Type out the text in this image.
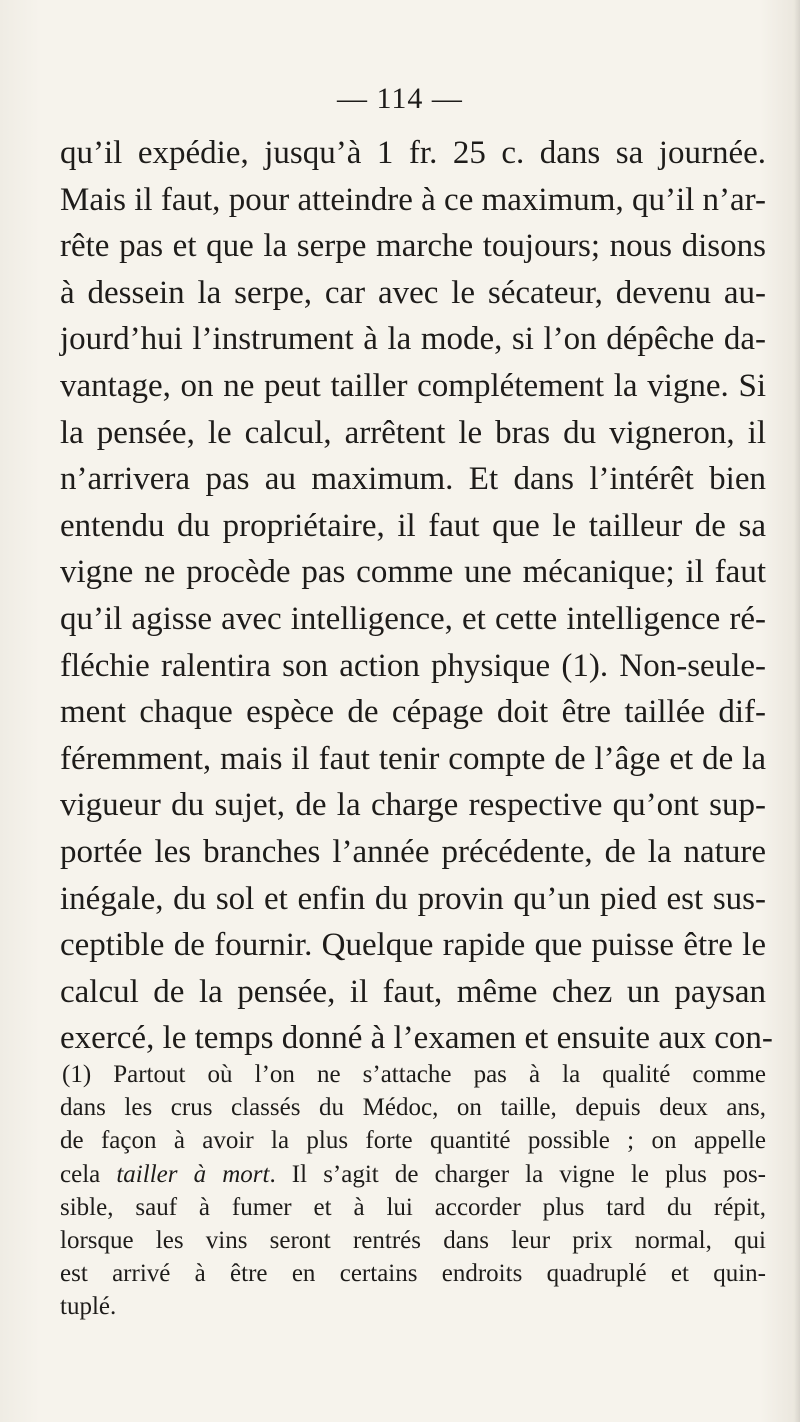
— 114 —
qu’il expédie, jusqu’à 1 fr. 25 c. dans sa journée.
Mais il faut, pour atteindre à ce maximum, qu’il n’ar-
rête pas et que la serpe marche toujours; nous disons
à dessein la serpe, car avec le sécateur, devenu au-
jourd’hui l’instrument à la mode, si l’on dépêche da-
vantage, on ne peut tailler complétement la vigne. Si
la pensée, le calcul, arrêtent le bras du vigneron, il
n’arrivera pas au maximum. Et dans l’intérêt bien
entendu du propriétaire, il faut que le tailleur de sa
vigne ne procède pas comme une mécanique; il faut
qu’il agisse avec intelligence, et cette intelligence ré-
fléchie ralentira son action physique (1). Non-seule-
ment chaque espèce de cépage doit être taillée dif-
féremment, mais il faut tenir compte de l’âge et de la
vigueur du sujet, de la charge respective qu’ont sup-
portée les branches l’année précédente, de la nature
inégale, du sol et enfin du provin qu’un pied est sus-
ceptible de fournir. Quelque rapide que puisse être le
calcul de la pensée, il faut, même chez un paysan
exercé, le temps donné à l’examen et ensuite aux con-
(1) Partout où l’on ne s’attache pas à la qualité comme
dans les crus classés du Médoc, on taille, depuis deux ans,
de façon à avoir la plus forte quantité possible ; on appelle
cela tailler à mort. Il s’agit de charger la vigne le plus pos-
sible, sauf à fumer et à lui accorder plus tard du répit,
lorsque les vins seront rentrés dans leur prix normal, qui
est arrivé à être en certains endroits quadruplé et quin-
tuplé.
